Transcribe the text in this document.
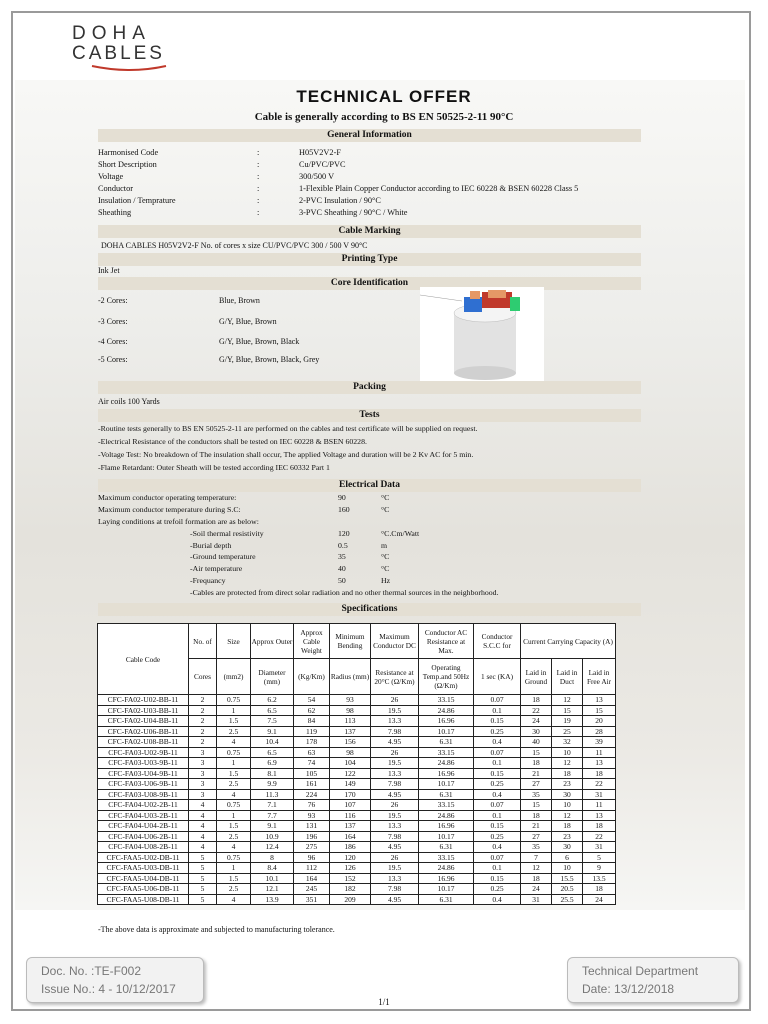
DOHA
CABLES
TECHNICAL OFFER
Cable is generally according to BS EN 50525-2-11 90°C
General Information
Harmonised Code	:	H05V2V2-F
Short Description	:	Cu/PVC/PVC
Voltage	:	300/500 V
Conductor	:	1-Flexible Plain Copper Conductor according to IEC 60228 & BSEN 60228 Class 5
Insulation / Temprature	:	2-PVC Insulation / 90°C
Sheathing	:	3-PVC Sheathing / 90°C / White
Cable Marking
DOHA CABLES H05V2V2-F No. of cores x size CU/PVC/PVC 300 / 500 V 90°C
Printing Type
Ink Jet
Core Identification
-2 Cores:	Blue, Brown
-3 Cores:	G/Y, Blue, Brown
-4 Cores:	G/Y, Blue, Brown, Black
-5 Cores:	G/Y, Blue, Brown, Black, Grey
Packing
Air coils 100 Yards
Tests
-Routine tests generally to BS EN 50525-2-11 are performed on the cables and test certificate will be supplied on request.
-Electrical Resistance of the conductors shall be tested on IEC 60228 & BSEN 60228.
-Voltage Test: No breakdown of The insulation shall occur, The applied Voltage and duration will be 2 Kv AC for 5 min.
-Flame Retardant: Outer Sheath will be tested according IEC 60332 Part 1
Electrical Data
Maximum conductor operating temperature:	90	°C
Maximum conductor temperature during S.C:	160	°C
Laying conditions at trefoil formation are as below:
-Soil thermal resistivity	120	°C.Cm/Watt
-Burial depth	0.5	m
-Ground temperature	35	°C
-Air temperature	40	°C
-Frequancy	50	Hz
-Cables are protected from direct solar radiation and no other thermal sources in the neighborhood.
Specifications
Cable Code	No. of	Size	Approx Outer	Approx Cable Weight	Minimum Bending	Maximum Conductor DC	Conductor AC Resistance at Max.	Conductor S.C.C for	Current Carrying Capacity (A)		
	Cores	(mm2)	Diameter (mm)	(Kg/Km)	Radius (mm)	Resistance at 20°C (Ω/Km)	Operating Temp.and 50Hz (Ω/Km)	1 sec (KA)	Laid in Ground	Laid in Duct	Laid in Free Air
CFC-FA02-U02-BB-11	2	0.75	6.2	54	93	26	33.15	0.07	18	12	13
CFC-FA02-U03-BB-11	2	1	6.5	62	98	19.5	24.86	0.1	22	15	15
CFC-FA02-U04-BB-11	2	1.5	7.5	84	113	13.3	16.96	0.15	24	19	20
CFC-FA02-U06-BB-11	2	2.5	9.1	119	137	7.98	10.17	0.25	30	25	28
CFC-FA02-U08-BB-11	2	4	10.4	178	156	4.95	6.31	0.4	40	32	39
CFC-FA03-U02-9B-11	3	0.75	6.5	63	98	26	33.15	0.07	15	10	11
CFC-FA03-U03-9B-11	3	1	6.9	74	104	19.5	24.86	0.1	18	12	13
CFC-FA03-U04-9B-11	3	1.5	8.1	105	122	13.3	16.96	0.15	21	18	18
CFC-FA03-U06-9B-11	3	2.5	9.9	161	149	7.98	10.17	0.25	27	23	22
CFC-FA03-U08-9B-11	3	4	11.3	224	170	4.95	6.31	0.4	35	30	31
CFC-FA04-U02-2B-11	4	0.75	7.1	76	107	26	33.15	0.07	15	10	11
CFC-FA04-U03-2B-11	4	1	7.7	93	116	19.5	24.86	0.1	18	12	13
CFC-FA04-U04-2B-11	4	1.5	9.1	131	137	13.3	16.96	0.15	21	18	18
CFC-FA04-U06-2B-11	4	2.5	10.9	196	164	7.98	10.17	0.25	27	23	22
CFC-FA04-U08-2B-11	4	4	12.4	275	186	4.95	6.31	0.4	35	30	31
CFC-FAA5-U02-DB-11	5	0.75	8	96	120	26	33.15	0.07	7	6	5
CFC-FAA5-U03-DB-11	5	1	8.4	112	126	19.5	24.86	0.1	12	10	9
CFC-FAA5-U04-DB-11	5	1.5	10.1	164	152	13.3	16.96	0.15	18	15.5	13.5
CFC-FAA5-U06-DB-11	5	2.5	12.1	245	182	7.98	10.17	0.25	24	20.5	18
CFC-FAA5-U08-DB-11	5	4	13.9	351	209	4.95	6.31	0.4	31	25.5	24
-The above data is approximate and subjected to manufacturing tolerance.
Doc. No. :TE-F002
Issue No.: 4 - 10/12/2017
Technical Department
Date: 13/12/2018
1/1
